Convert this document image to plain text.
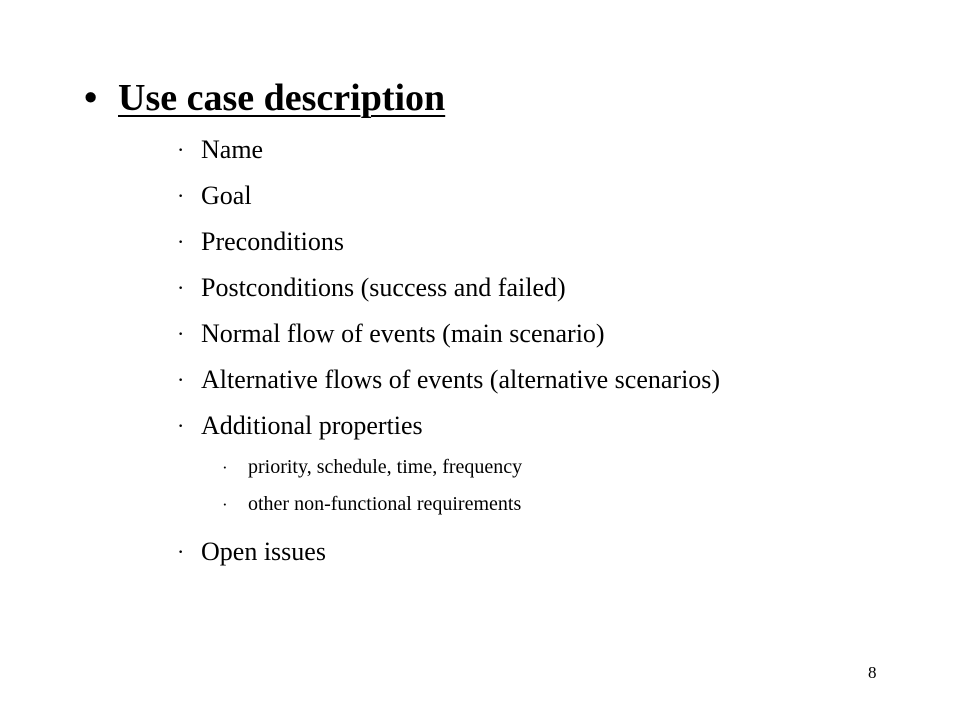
• Use case description
· Name
· Goal
· Preconditions
· Postconditions (success and failed)
· Normal flow of events (main scenario)
· Alternative flows of events (alternative scenarios)
· Additional properties
·	priority, schedule, time, frequency
·	other non-functional requirements
· Open issues
8
